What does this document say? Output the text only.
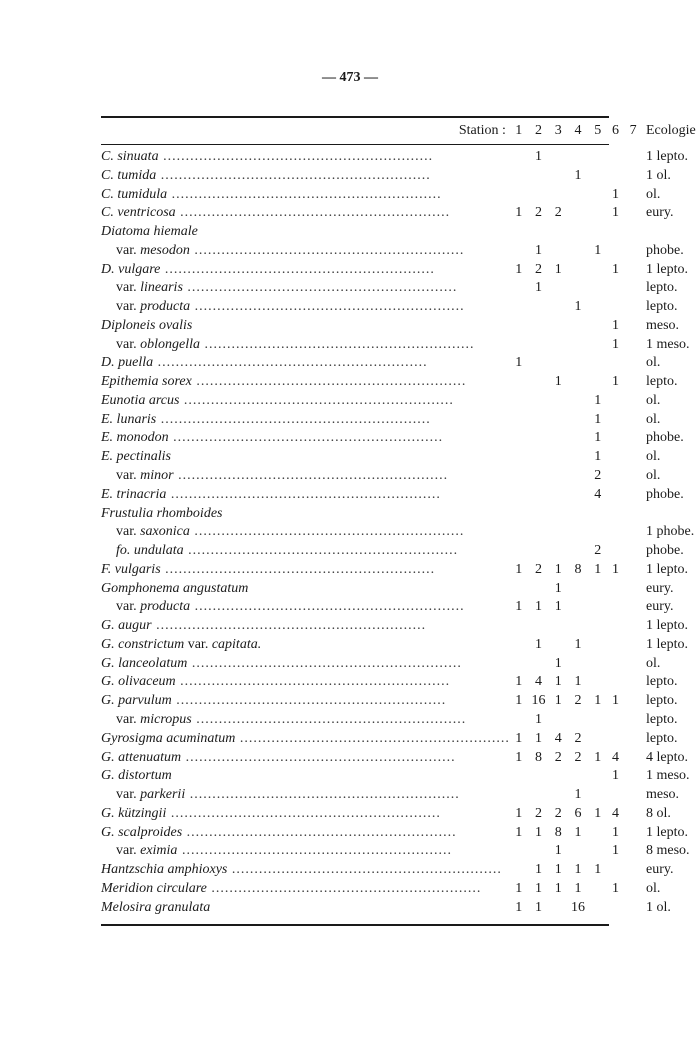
— 473 —
Station :	1	2	3	4	5	6	7	Ecologie

C. sinuata ............................................................		1						1 lepto.
C. tumida ............................................................				1				1 ol.
C. tumidula ............................................................						1		ol.
C. ventricosa ............................................................	1	2	2			1		eury.
Diatoma hiemale								
var. mesodon ............................................................		1			1			phobe.
D. vulgare ............................................................	1	2	1			1		1 lepto.
var. linearis ............................................................		1						lepto.
var. producta ............................................................				1				lepto.
Diploneis ovalis						1		meso.
var. oblongella ............................................................						1		1 meso.
D. puella ............................................................	1							ol.
Epithemia sorex ............................................................			1			1		lepto.
Eunotia arcus ............................................................					1			ol.
E. lunaris ............................................................					1			ol.
E. monodon ............................................................					1			phobe.
E. pectinalis					1			ol.
var. minor ............................................................					2			ol.
E. trinacria ............................................................					4			phobe.
Frustulia rhomboides								
var. saxonica ............................................................								1 phobe.
fo. undulata ............................................................					2			phobe.
F. vulgaris ............................................................	1	2	1	8	1	1		1 lepto.
Gomphonema angustatum			1					eury.
var. producta ............................................................	1	1	1					eury.
G. augur ............................................................								1 lepto.
G. constrictum var. capitata.		1		1				1 lepto.
G. lanceolatum ............................................................			1					ol.
G. olivaceum ............................................................	1	4	1	1				lepto.
G. parvulum ............................................................	1	16	1	2	1	1		lepto.
var. micropus ............................................................		1						lepto.
Gyrosigma acuminatum ............................................................	1	1	4	2				lepto.
G. attenuatum ............................................................	1	8	2	2	1	4		4 lepto.
G. distortum						1		1 meso.
var. parkerii ............................................................				1				meso.
G. kützingii ............................................................	1	2	2	6	1	4		8 ol.
G. scalproides ............................................................	1	1	8	1		1		1 lepto.
var. eximia ............................................................			1			1		8 meso.
Hantzschia amphioxys ............................................................		1	1	1	1			eury.
Meridion circulare ............................................................	1	1	1	1		1		ol.
Melosira granulata	1	1		16				1 ol.
